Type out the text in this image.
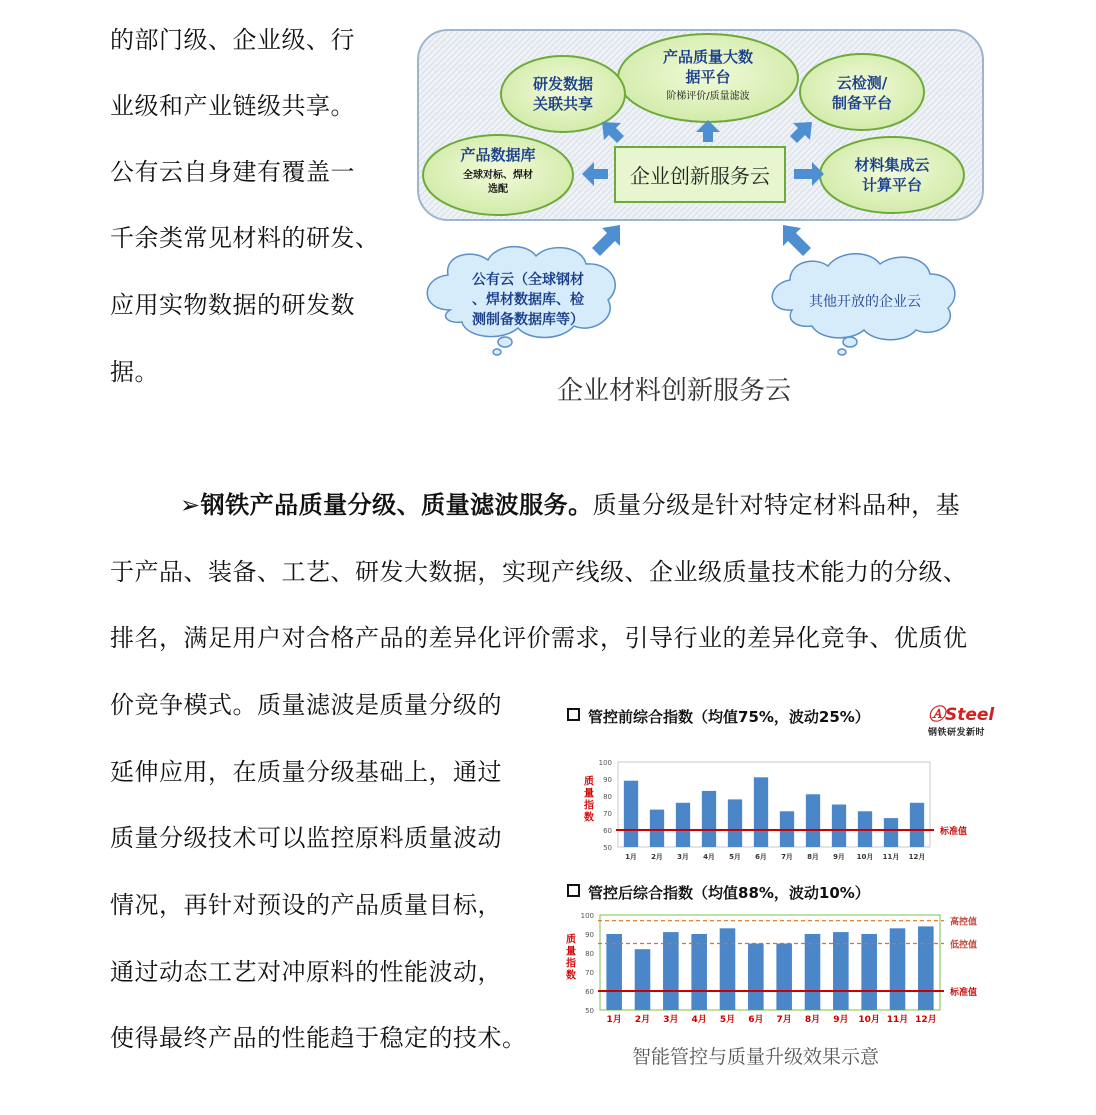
的部门级、企业级、行
业级和产业链级共享。
公有云自身建有覆盖一
千余类常见材料的研发、
应用实物数据的研发数
据。
企业创新服务云
产品质量大数
据平台
阶梯评价/质量滤波
研发数据
关联共享
云检测/
制备平台
产品数据库
全球对标、焊材
选配
材料集成云
计算平台
公有云（全球钢材
、焊材数据库、检
测制备数据库等）
其他开放的企业云
企业材料创新服务云
➢钢铁产品质量分级、质量滤波服务。质量分级是针对特定材料品种，基
于产品、装备、工艺、研发大数据，实现产线级、企业级质量技术能力的分级、
排名，满足用户对合格产品的差异化评价需求，引导行业的差异化竞争、优质优
价竞争模式。质量滤波是质量分级的
延伸应用，在质量分级基础上，通过
质量分级技术可以监控原料质量波动
情况，再针对预设的产品质量目标，
通过动态工艺对冲原料的性能波动，
使得最终产品的性能趋于稳定的技术。
管控前综合指数（均值75%，波动25%）	ⒶSteel
钢铁研发新时
质量指数
50
60
70
80
90
100
1月 2月 3月 4月 5月 6月 7月 8月 9月 10月 11月 12月
标准值
管控后综合指数（均值88%，波动10%）
质量指数
50
60
70
80
90
100
1月 2月 3月 4月 5月 6月 7月 8月 9月 10月 11月 12月
高控值
低控值
标准值
智能管控与质量升级效果示意
